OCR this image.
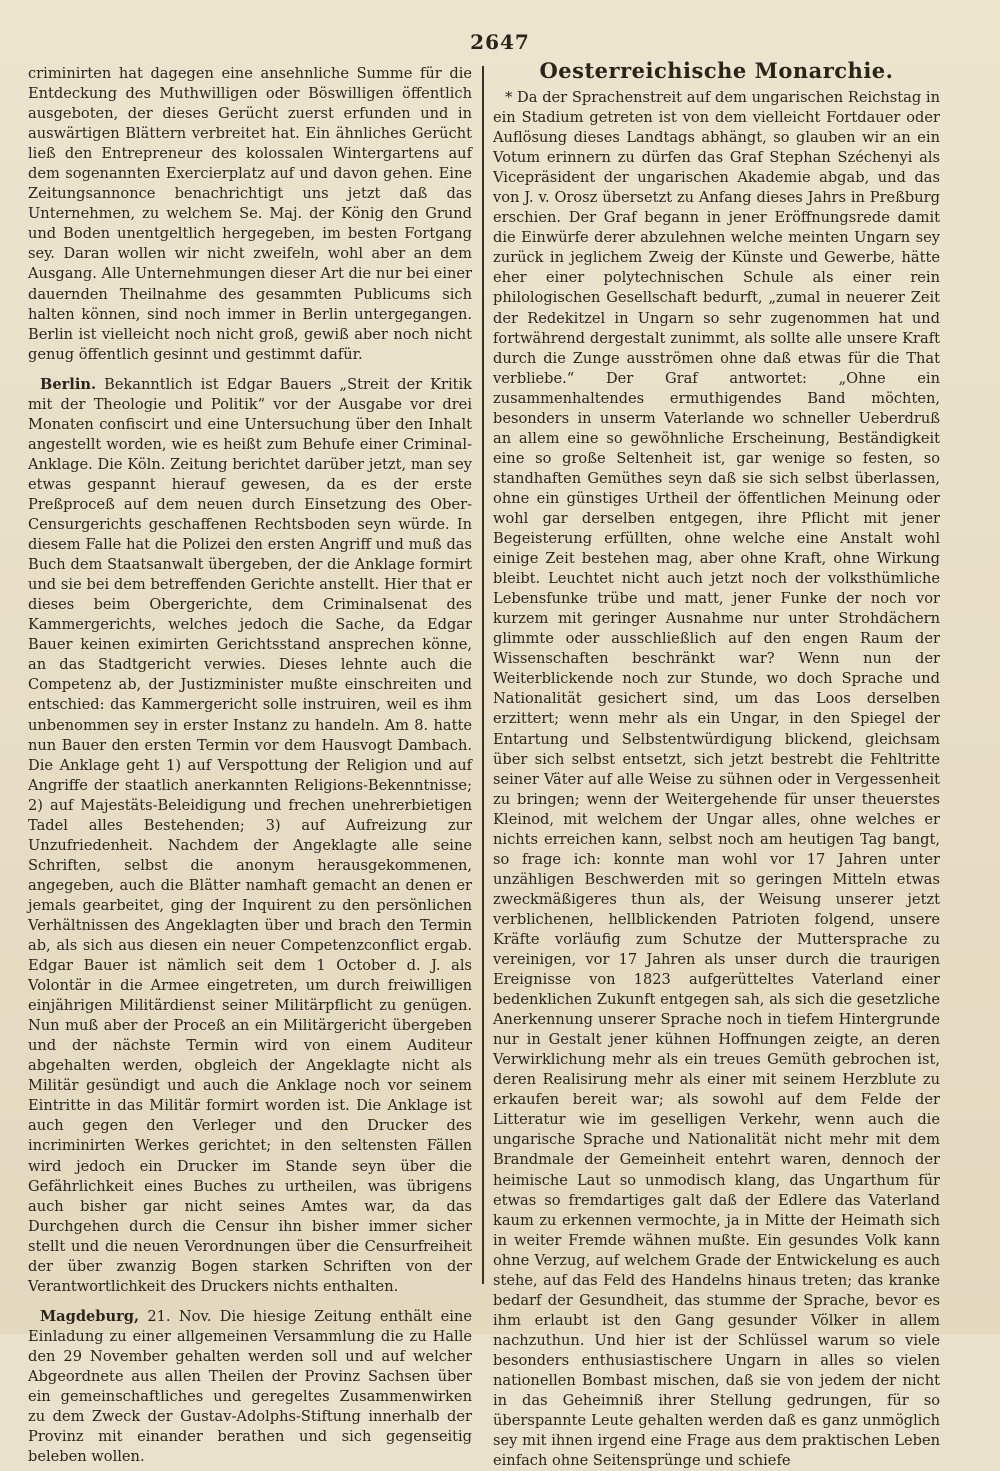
2647

criminirten hat dagegen eine ansehnliche Summe für die Entdeckung des Muthwilligen oder Böswilligen öffentlich ausgeboten, der dieses Gerücht zuerst erfunden und in auswärtigen Blättern verbreitet hat. Ein ähnliches Gerücht ließ den Entrepreneur des kolossalen Wintergartens auf dem sogenannten Exercierplatz auf und davon gehen. Eine Zeitungsannonce benachrichtigt uns jetzt daß das Unternehmen, zu welchem Se. Maj. der König den Grund und Boden unentgeltlich hergegeben, im besten Fortgang sey. Daran wollen wir nicht zweifeln, wohl aber an dem Ausgang. Alle Unternehmungen dieser Art die nur bei einer dauernden Theilnahme des gesammten Publicums sich halten können, sind noch immer in Berlin untergegangen. Berlin ist vielleicht noch nicht groß, gewiß aber noch nicht genug öffentlich gesinnt und gestimmt dafür.

Berlin. Bekanntlich ist Edgar Bauers „Streit der Kritik mit der Theologie und Politik“ vor der Ausgabe vor drei Monaten confiscirt und eine Untersuchung über den Inhalt angestellt worden, wie es heißt zum Behufe einer Criminal-Anklage. Die Köln. Zeitung berichtet darüber jetzt, man sey etwas gespannt hierauf gewesen, da es der erste Preßproceß auf dem neuen durch Einsetzung des Ober-Censurgerichts geschaffenen Rechtsboden seyn würde. In diesem Falle hat die Polizei den ersten Angriff und muß das Buch dem Staatsanwalt übergeben, der die Anklage formirt und sie bei dem betreffenden Gerichte anstellt. Hier that er dieses beim Obergerichte, dem Criminalsenat des Kammergerichts, welches jedoch die Sache, da Edgar Bauer keinen eximirten Gerichtsstand ansprechen könne, an das Stadtgericht verwies. Dieses lehnte auch die Competenz ab, der Justizminister mußte einschreiten und entschied: das Kammergericht solle instruiren, weil es ihm unbenommen sey in erster Instanz zu handeln. Am 8. hatte nun Bauer den ersten Termin vor dem Hausvogt Dambach. Die Anklage geht 1) auf Verspottung der Religion und auf Angriffe der staatlich anerkannten Religions-Bekenntnisse; 2) auf Majestäts-Beleidigung und frechen unehrerbietigen Tadel alles Bestehenden; 3) auf Aufreizung zur Unzufriedenheit. Nachdem der Angeklagte alle seine Schriften, selbst die anonym herausgekommenen, angegeben, auch die Blätter namhaft gemacht an denen er jemals gearbeitet, ging der Inquirent zu den persönlichen Verhältnissen des Angeklagten über und brach den Termin ab, als sich aus diesen ein neuer Competenzconflict ergab. Edgar Bauer ist nämlich seit dem 1 October d. J. als Volontär in die Armee eingetreten, um durch freiwilligen einjährigen Militärdienst seiner Militärpflicht zu genügen. Nun muß aber der Proceß an ein Militärgericht übergeben und der nächste Termin wird von einem Auditeur abgehalten werden, obgleich der Angeklagte nicht als Militär gesündigt und auch die Anklage noch vor seinem Eintritte in das Militär formirt worden ist. Die Anklage ist auch gegen den Verleger und den Drucker des incriminirten Werkes gerichtet; in den seltensten Fällen wird jedoch ein Drucker im Stande seyn über die Gefährlichkeit eines Buches zu urtheilen, was übrigens auch bisher gar nicht seines Amtes war, da das Durchgehen durch die Censur ihn bisher immer sicher stellt und die neuen Verordnungen über die Censurfreiheit der über zwanzig Bogen starken Schriften von der Verantwortlichkeit des Druckers nichts enthalten.

Magdeburg, 21. Nov. Die hiesige Zeitung enthält eine Einladung zu einer allgemeinen Versammlung die zu Halle den 29 November gehalten werden soll und auf welcher Abgeordnete aus allen Theilen der Provinz Sachsen über ein gemeinschaftliches und geregeltes Zusammenwirken zu dem Zweck der Gustav-Adolphs-Stiftung innerhalb der Provinz mit einander berathen und sich gegenseitig beleben wollen.

Oesterreichische Monarchie.

* Da der Sprachenstreit auf dem ungarischen Reichstag in ein Stadium getreten ist von dem vielleicht Fortdauer oder Auflösung dieses Landtags abhängt, so glauben wir an ein Votum erinnern zu dürfen das Graf Stephan Széchenyi als Vicepräsident der ungarischen Akademie abgab, und das von J. v. Orosz übersetzt zu Anfang dieses Jahrs in Preßburg erschien. Der Graf begann in jener Eröffnungsrede damit die Einwürfe derer abzulehnen welche meinten Ungarn sey zurück in jeglichem Zweig der Künste und Gewerbe, hätte eher einer polytechnischen Schule als einer rein philologischen Gesellschaft bedurft, „zumal in neuerer Zeit der Redekitzel in Ungarn so sehr zugenommen hat und fortwährend dergestalt zunimmt, als sollte alle unsere Kraft durch die Zunge ausströmen ohne daß etwas für die That verbliebe.“ Der Graf antwortet: „Ohne ein zusammenhaltendes ermuthigendes Band möchten, besonders in unserm Vaterlande wo schneller Ueberdruß an allem eine so gewöhnliche Erscheinung, Beständigkeit eine so große Seltenheit ist, gar wenige so festen, so standhaften Gemüthes seyn daß sie sich selbst überlassen, ohne ein günstiges Urtheil der öffentlichen Meinung oder wohl gar derselben entgegen, ihre Pflicht mit jener Begeisterung erfüllten, ohne welche eine Anstalt wohl einige Zeit bestehen mag, aber ohne Kraft, ohne Wirkung bleibt. Leuchtet nicht auch jetzt noch der volksthümliche Lebensfunke trübe und matt, jener Funke der noch vor kurzem mit geringer Ausnahme nur unter Strohdächern glimmte oder ausschließlich auf den engen Raum der Wissenschaften beschränkt war? Wenn nun der Weiterblickende noch zur Stunde, wo doch Sprache und Nationalität gesichert sind, um das Loos derselben erzittert; wenn mehr als ein Ungar, in den Spiegel der Entartung und Selbstentwürdigung blickend, gleichsam über sich selbst entsetzt, sich jetzt bestrebt die Fehltritte seiner Väter auf alle Weise zu sühnen oder in Vergessenheit zu bringen; wenn der Weitergehende für unser theuerstes Kleinod, mit welchem der Ungar alles, ohne welches er nichts erreichen kann, selbst noch am heutigen Tag bangt, so frage ich: konnte man wohl vor 17 Jahren unter unzähligen Beschwerden mit so geringen Mitteln etwas zweckmäßigeres thun als, der Weisung unserer jetzt verblichenen, hellblickenden Patrioten folgend, unsere Kräfte vorläufig zum Schutze der Muttersprache zu vereinigen, vor 17 Jahren als unser durch die traurigen Ereignisse von 1823 aufgerütteltes Vaterland einer bedenklichen Zukunft entgegen sah, als sich die gesetzliche Anerkennung unserer Sprache noch in tiefem Hintergrunde nur in Gestalt jener kühnen Hoffnungen zeigte, an deren Verwirklichung mehr als ein treues Gemüth gebrochen ist, deren Realisirung mehr als einer mit seinem Herzblute zu erkaufen bereit war; als sowohl auf dem Felde der Litteratur wie im geselligen Verkehr, wenn auch die ungarische Sprache und Nationalität nicht mehr mit dem Brandmale der Gemeinheit entehrt waren, dennoch der heimische Laut so unmodisch klang, das Ungarthum für etwas so fremdartiges galt daß der Edlere das Vaterland kaum zu erkennen vermochte, ja in Mitte der Heimath sich in weiter Fremde wähnen mußte. Ein gesundes Volk kann ohne Verzug, auf welchem Grade der Entwickelung es auch stehe, auf das Feld des Handelns hinaus treten; das kranke bedarf der Gesundheit, das stumme der Sprache, bevor es ihm erlaubt ist den Gang gesunder Völker in allem nachzuthun. Und hier ist der Schlüssel warum so viele besonders enthusiastischere Ungarn in alles so vielen nationellen Bombast mischen, daß sie von jedem der nicht in das Geheimniß ihrer Stellung gedrungen, für so überspannte Leute gehalten werden daß es ganz unmöglich sey mit ihnen irgend eine Frage aus dem praktischen Leben einfach ohne Seitensprünge und schiefe
